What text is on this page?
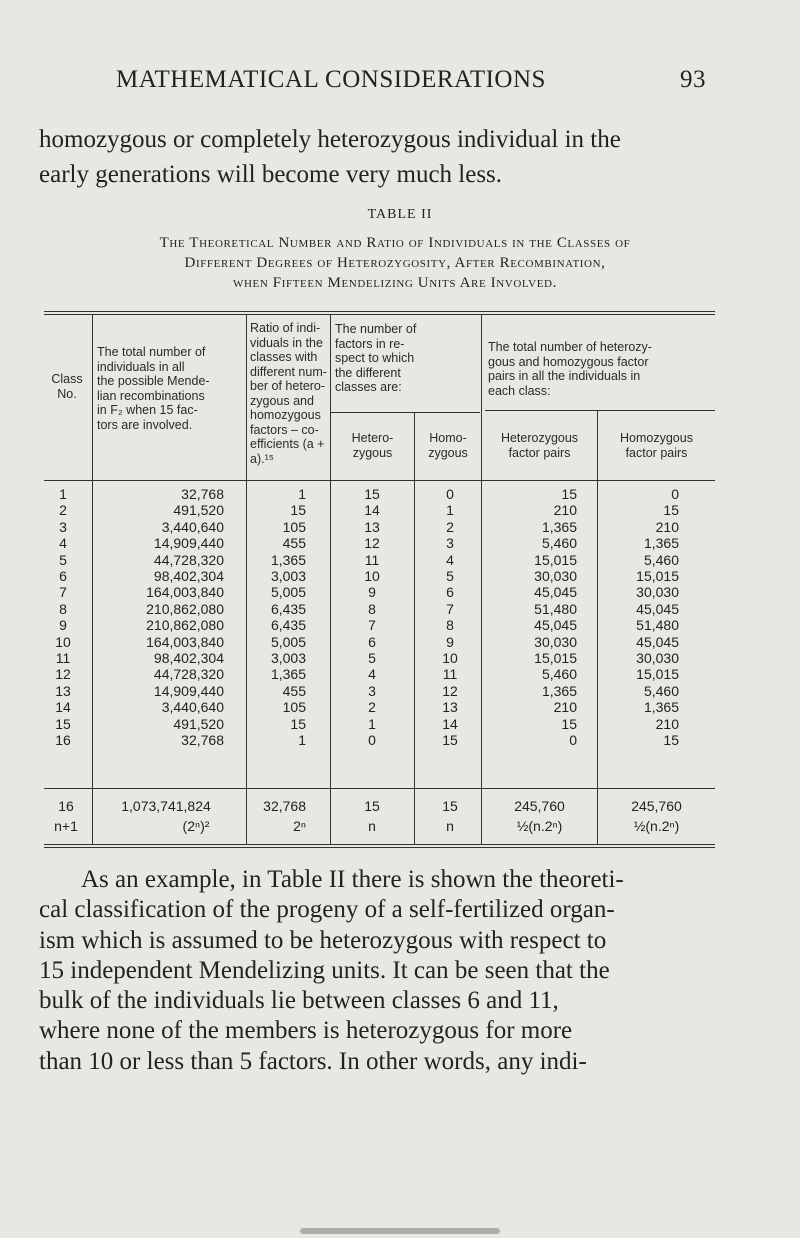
MATHEMATICAL CONSIDERATIONS	93
homozygous or completely heterozygous individual in the
early generations will become very much less.
TABLE II
The Theoretical Number and Ratio of Individuals in the Classes of
Different Degrees of Heterozygosity, After Recombination,
when Fifteen Mendelizing Units Are Involved.
Class
No.
The total number of
individuals in all
the possible Mende-
lian recombinations
in F₂ when 15 fac-
tors are involved.
Ratio of indi-
viduals in the
classes with
different num-
ber of hetero-
zygous and
homozygous
factors – co-
efficients (a +
a).¹⁵
The number of
factors in re-
spect to which
the different
classes are:
Hetero-
zygous
Homo-
zygous
The total number of heterozy-
gous and homozygous factor
pairs in all the individuals in
each class:
Heterozygous
factor pairs
Homozygous
factor pairs
1
2
3
4
5
6
7
8
9
10
11
12
13
14
15
16
32,768
491,520
3,440,640
14,909,440
44,728,320
98,402,304
164,003,840
210,862,080
210,862,080
164,003,840
98,402,304
44,728,320
14,909,440
3,440,640
491,520
32,768
1
15
105
455
1,365
3,003
5,005
6,435
6,435
5,005
3,003
1,365
455
105
15
1
15
14
13
12
11
10
9
8
7
6
5
4
3
2
1
0
0
1
2
3
4
5
6
7
8
9
10
11
12
13
14
15
15
210
1,365
5,460
15,015
30,030
45,045
51,480
45,045
30,030
15,015
5,460
1,365
210
15
0
0
15
210
1,365
5,460
15,015
30,030
45,045
51,480
45,045
30,030
15,015
5,460
1,365
210
15
16
n+1
1,073,741,824
(2ⁿ)²
32,768
2ⁿ
15
n
15
n
245,760
½(n.2ⁿ)
245,760
½(n.2ⁿ)
As an example, in Table II there is shown the theoreti-
cal classification of the progeny of a self-fertilized organ-
ism which is assumed to be heterozygous with respect to
15 independent Mendelizing units. It can be seen that the
bulk of the individuals lie between classes 6 and 11,
where none of the members is heterozygous for more
than 10 or less than 5 factors. In other words, any indi-
